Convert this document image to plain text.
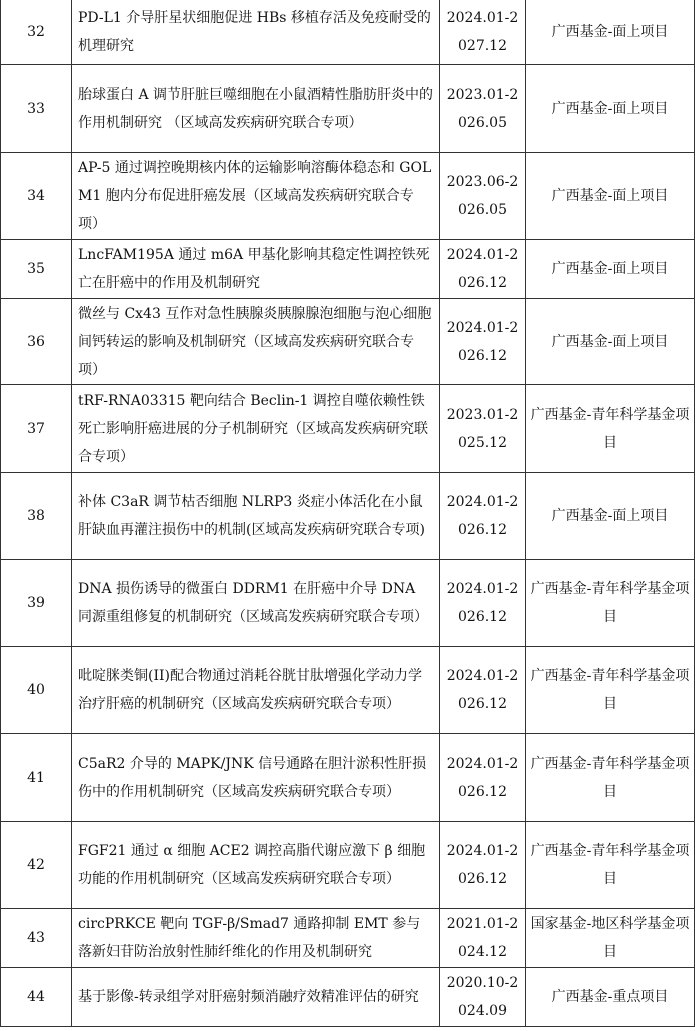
32	PD-L1 介导肝星状细胞促进 HBs 移植存活及免疫耐受的机理研究	2024.01-2027.12	广西基金-面上项目
33	胎球蛋白 A 调节肝脏巨噬细胞在小鼠酒精性脂肪肝炎中的作用机制研究 （区域高发疾病研究联合专项）	2023.01-2026.05	广西基金-面上项目
34	AP-5 通过调控晚期核内体的运输影响溶酶体稳态和 GOLM1 胞内分布促进肝癌发展（区域高发疾病研究联合专项）	2023.06-2026.05	广西基金-面上项目
35	LncFAM195A 通过 m6A 甲基化影响其稳定性调控铁死亡在肝癌中的作用及机制研究	2024.01-2026.12	广西基金-面上项目
36	微丝与 Cx43 互作对急性胰腺炎胰腺腺泡细胞与泡心细胞间钙转运的影响及机制研究（区域高发疾病研究联合专项）	2024.01-2026.12	广西基金-面上项目
37	tRF-RNA03315 靶向结合 Beclin-1 调控自噬依赖性铁死亡影响肝癌进展的分子机制研究（区域高发疾病研究联合专项）	2023.01-2025.12	广西基金-青年科学基金项目
38	补体 C3aR 调节枯否细胞 NLRP3 炎症小体活化在小鼠肝缺血再灌注损伤中的机制(区域高发疾病研究联合专项)	2024.01-2026.12	广西基金-面上项目
39	DNA 损伤诱导的微蛋白 DDRM1 在肝癌中介导 DNA 同源重组修复的机制研究（区域高发疾病研究联合专项）	2024.01-2026.12	广西基金-青年科学基金项目
40	吡啶脒类铜(II)配合物通过消耗谷胱甘肽增强化学动力学治疗肝癌的机制研究（区域高发疾病研究联合专项）	2024.01-2026.12	广西基金-青年科学基金项目
41	C5aR2 介导的 MAPK/JNK 信号通路在胆汁淤积性肝损伤中的作用机制研究（区域高发疾病研究联合专项）	2024.01-2026.12	广西基金-青年科学基金项目
42	FGF21 通过 α 细胞 ACE2 调控高脂代谢应激下 β 细胞功能的作用机制研究（区域高发疾病研究联合专项）	2024.01-2026.12	广西基金-青年科学基金项目
43	circPRKCE 靶向 TGF-β/Smad7 通路抑制 EMT 参与落新妇苷防治放射性肺纤维化的作用及机制研究	2021.01-2024.12	国家基金-地区科学基金项目
44	基于影像-转录组学对肝癌射频消融疗效精准评估的研究	2020.10-2024.09	广西基金-重点项目
